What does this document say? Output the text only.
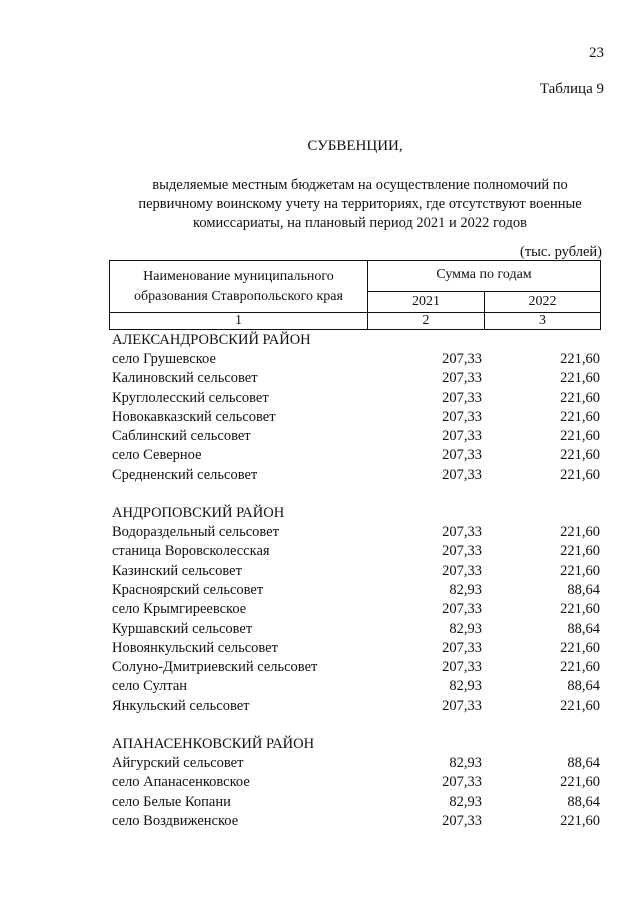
23
Таблица 9
СУБВЕНЦИИ,
выделяемые местным бюджетам на осуществление полномочий по
первичному воинскому учету на территориях, где отсутствуют военные
комиссариаты, на плановый период 2021 и 2022 годов
(тыс. рублей)
Наименование муниципального
образования Ставропольского края
Сумма по годам
2021	2022
1	2	3
АЛЕКСАНДРОВСКИЙ РАЙОН
село Грушевское	207,33	221,60
Калиновский сельсовет	207,33	221,60
Круглолесский сельсовет	207,33	221,60
Новокавказский сельсовет	207,33	221,60
Саблинский сельсовет	207,33	221,60
село Северное	207,33	221,60
Средненский сельсовет	207,33	221,60
АНДРОПОВСКИЙ РАЙОН
Водораздельный сельсовет	207,33	221,60
станица Воровсколесская	207,33	221,60
Казинский сельсовет	207,33	221,60
Красноярский сельсовет	82,93	88,64
село Крымгиреевское	207,33	221,60
Куршавский сельсовет	82,93	88,64
Новоянкульский сельсовет	207,33	221,60
Солуно-Дмитриевский сельсовет	207,33	221,60
село Султан	82,93	88,64
Янкульский сельсовет	207,33	221,60
АПАНАСЕНКОВСКИЙ РАЙОН
Айгурский сельсовет	82,93	88,64
село Апанасенковское	207,33	221,60
село Белые Копани	82,93	88,64
село Воздвиженское	207,33	221,60
